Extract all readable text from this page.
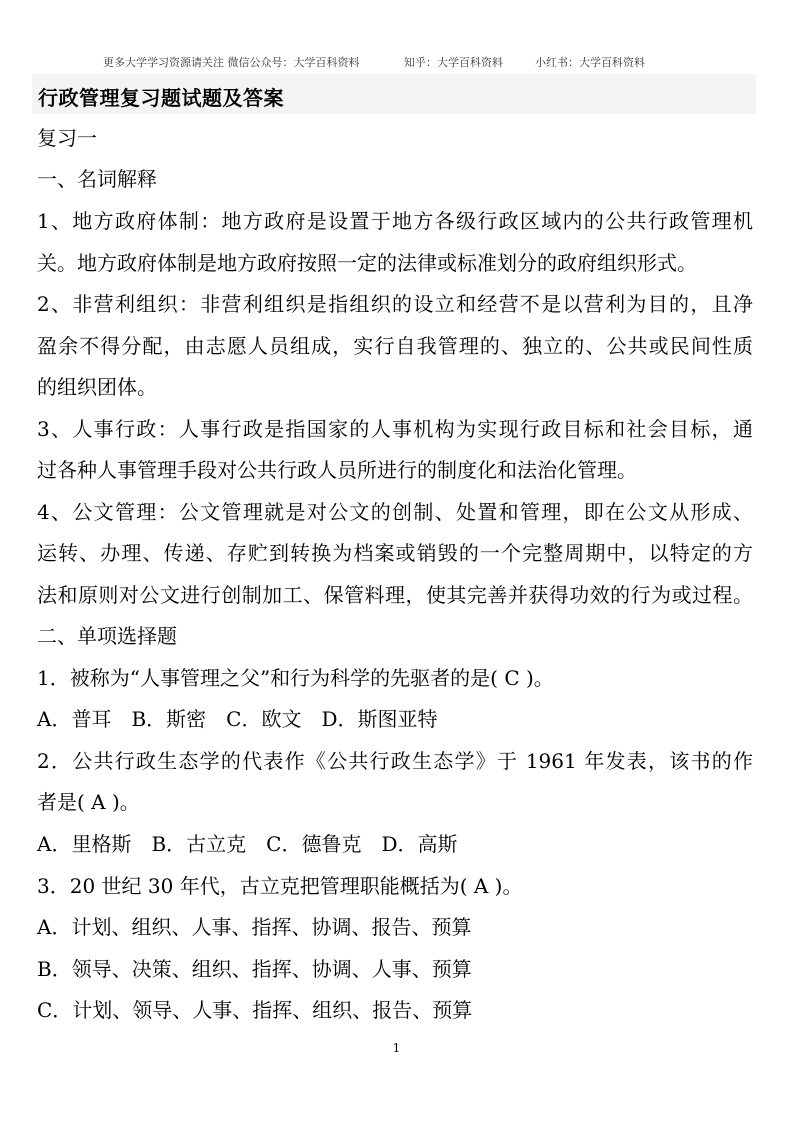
更多大学学习资源请关注 微信公众号：大学百科资料	知乎：大学百科资料	小红书：大学百科资料
行政管理复习题试题及答案
复习一
一、名词解释
1、地方政府体制：地方政府是设置于地方各级行政区域内的公共行政管理机
关。地方政府体制是地方政府按照一定的法律或标准划分的政府组织形式。
2、非营利组织：非营利组织是指组织的设立和经营不是以营利为目的，且净
盈余不得分配，由志愿人员组成，实行自我管理的、独立的、公共或民间性质
的组织团体。
3、人事行政：人事行政是指国家的人事机构为实现行政目标和社会目标，通
过各种人事管理手段对公共行政人员所进行的制度化和法治化管理。
4、公文管理：公文管理就是对公文的创制、处置和管理，即在公文从形成、
运转、办理、传递、存贮到转换为档案或销毁的一个完整周期中，以特定的方
法和原则对公文进行创制加工、保管料理，使其完善并获得功效的行为或过程。
二、单项选择题
1．被称为“人事管理之父”和行为科学的先驱者的是( C )。
A．普耳　B．斯密　C．欧文　D．斯图亚特
2．公共行政生态学的代表作《公共行政生态学》于 1961 年发表，该书的作
者是( A )。
A．里格斯　B．古立克　C．德鲁克　D．高斯
3．20 世纪 30 年代，古立克把管理职能概括为( A )。
A．计划、组织、人事、指挥、协调、报告、预算
B．领导、决策、组织、指挥、协调、人事、预算
C．计划、领导、人事、指挥、组织、报告、预算
1
